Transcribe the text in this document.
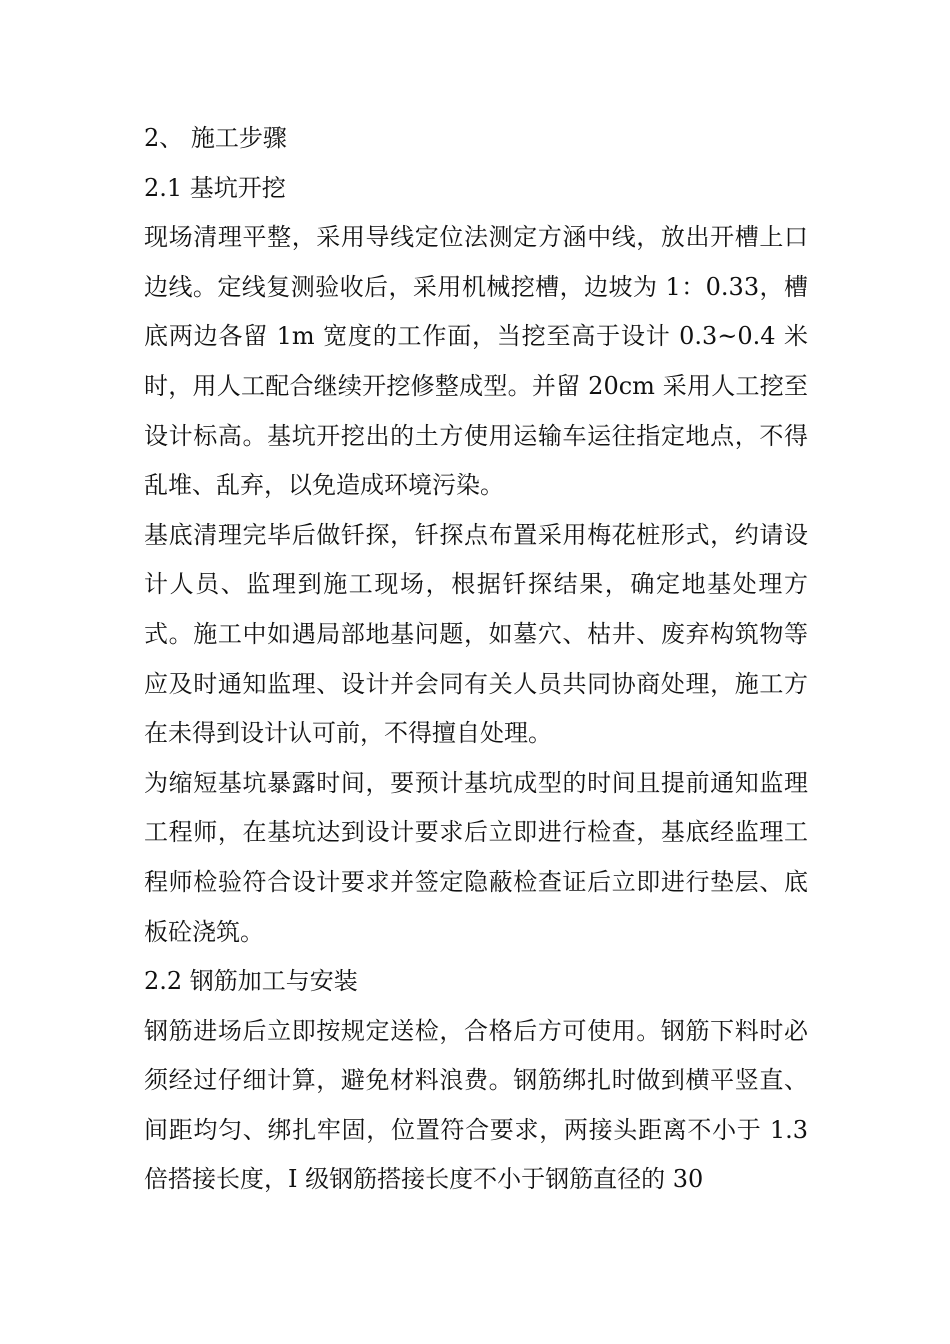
2、 施工步骤

2.1 基坑开挖

现场清理平整，采用导线定位法测定方涵中线，放出开槽上口边线。定线复测验收后，采用机械挖槽，边坡为 1：0.33，槽底两边各留 1m 宽度的工作面，当挖至高于设计 0.3~0.4 米时，用人工配合继续开挖修整成型。并留 20cm 采用人工挖至设计标高。基坑开挖出的土方使用运输车运往指定地点，不得乱堆、乱弃，以免造成环境污染。

基底清理完毕后做钎探，钎探点布置采用梅花桩形式，约请设计人员、监理到施工现场，根据钎探结果，确定地基处理方式。施工中如遇局部地基问题，如墓穴、枯井、废弃构筑物等应及时通知监理、设计并会同有关人员共同协商处理，施工方在未得到设计认可前，不得擅自处理。

为缩短基坑暴露时间，要预计基坑成型的时间且提前通知监理工程师，在基坑达到设计要求后立即进行检查，基底经监理工程师检验符合设计要求并签定隐蔽检查证后立即进行垫层、底板砼浇筑。

2.2 钢筋加工与安装

钢筋进场后立即按规定送检，合格后方可使用。钢筋下料时必须经过仔细计算，避免材料浪费。钢筋绑扎时做到横平竖直、间距均匀、绑扎牢固，位置符合要求，两接头距离不小于 1.3 倍搭接长度，I 级钢筋搭接长度不小于钢筋直径的 30
